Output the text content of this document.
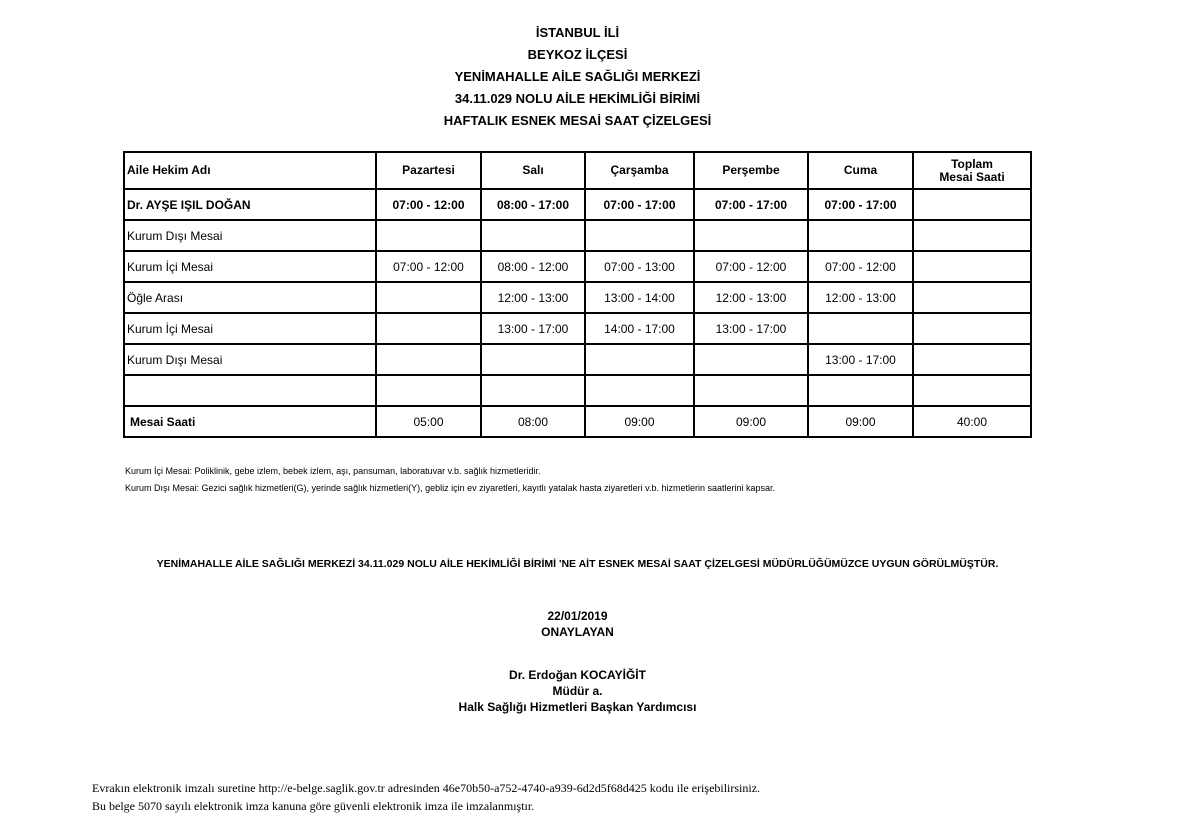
İSTANBUL İLİ
BEYKOZ İLÇESİ
YENİMAHALLE AİLE SAĞLIĞI MERKEZİ
34.11.029 NOLU AİLE HEKİMLİĞİ BİRİMİ
HAFTALIK ESNEK MESAİ SAAT ÇİZELGESİ
Aile Hekim Adı	Pazartesi	Salı	Çarşamba	Perşembe	Cuma	Toplam
Mesai Saati

Dr. AYŞE IŞIL DOĞAN	07:00 - 12:00	08:00 - 17:00	07:00 - 17:00	07:00 - 17:00	07:00 - 17:00	
Kurum Dışı Mesai						
Kurum İçi Mesai	07:00 - 12:00	08:00 - 12:00	07:00 - 13:00	07:00 - 12:00	07:00 - 12:00	
Öğle Arası		12:00 - 13:00	13:00 - 14:00	12:00 - 13:00	12:00 - 13:00	
Kurum İçi Mesai		13:00 - 17:00	14:00 - 17:00	13:00 - 17:00		
Kurum Dışı Mesai					13:00 - 17:00	

Mesai Saati	05:00	08:00	09:00	09:00	09:00	40:00
Kurum İçi Mesai: Poliklinik, gebe izlem, bebek izlem, aşı, pansuman, laboratuvar v.b. sağlık hizmetleridir.
Kurum Dışı Mesai: Gezici sağlık hizmetleri(G), yerinde sağlık hizmetleri(Y), gebliz için ev ziyaretleri, kayıtlı yatalak hasta ziyaretleri v.b. hizmetlerin saatlerini kapsar.
YENİMAHALLE AİLE SAĞLIĞI MERKEZİ 34.11.029 NOLU AİLE HEKİMLİĞİ BİRİMİ 'NE AİT ESNEK MESAİ SAAT ÇİZELGESİ MÜDÜRLÜĞÜMÜZCE UYGUN GÖRÜLMÜŞTÜR.
22/01/2019
ONAYLAYAN
Dr. Erdoğan KOCAYİĞİT
Müdür a.
Halk Sağlığı Hizmetleri Başkan Yardımcısı
Evrakın elektronik imzalı suretine http://e-belge.saglik.gov.tr adresinden 46e70b50-a752-4740-a939-6d2d5f68d425 kodu ile erişebilirsiniz.
Bu belge 5070 sayılı elektronik imza kanuna göre güvenli elektronik imza ile imzalanmıştır.
